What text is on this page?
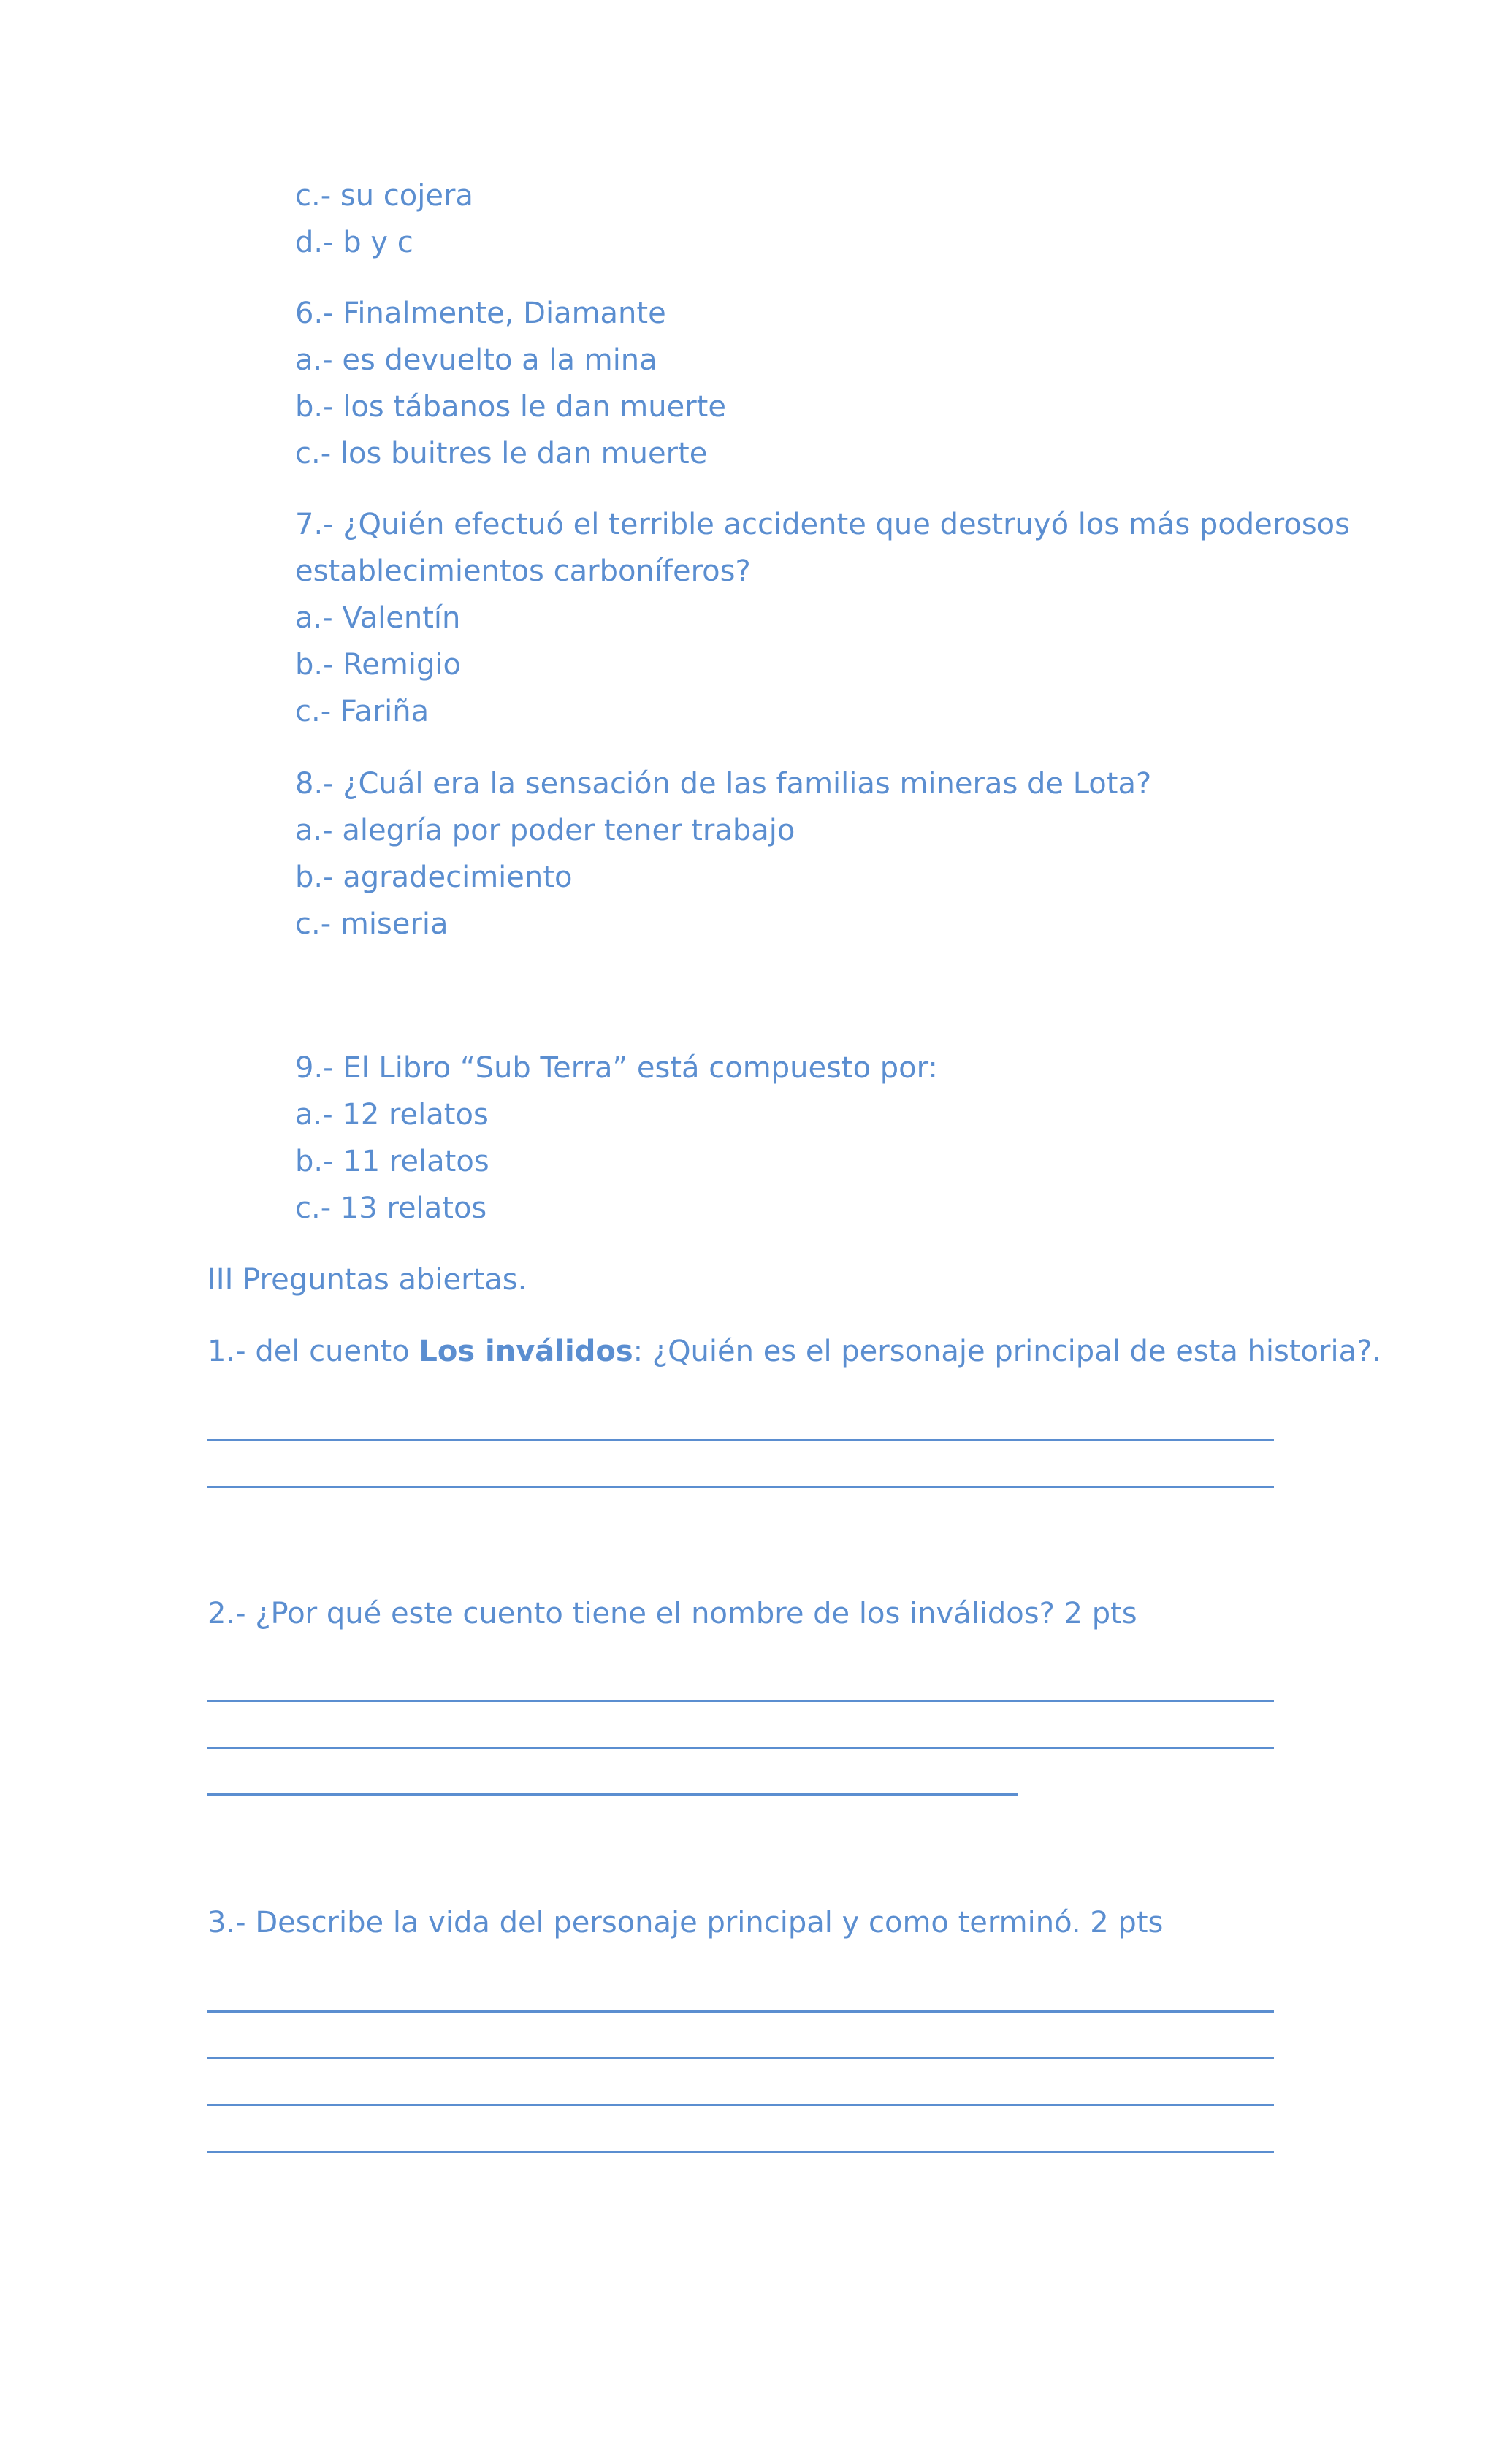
c.- su cojera
d.- b y c
6.- Finalmente, Diamante
a.- es devuelto a la mina
b.- los tábanos le dan muerte
c.- los buitres le dan muerte
7.- ¿Quién efectuó el terrible accidente que destruyó los más poderosos
establecimientos carboníferos?
a.- Valentín
b.- Remigio
c.- Fariña
8.- ¿Cuál era la sensación de las familias mineras de Lota?
a.- alegría por poder tener trabajo
b.- agradecimiento
c.- miseria
9.- El Libro “Sub Terra” está compuesto por:
a.- 12 relatos
b.- 11 relatos
c.- 13 relatos
III Preguntas abiertas.
1.- del cuento Los inválidos: ¿Quién es el personaje principal de esta historia?.
2.- ¿Por qué este cuento tiene el nombre de los inválidos? 2 pts
3.- Describe la vida del personaje principal y como terminó. 2 pts
